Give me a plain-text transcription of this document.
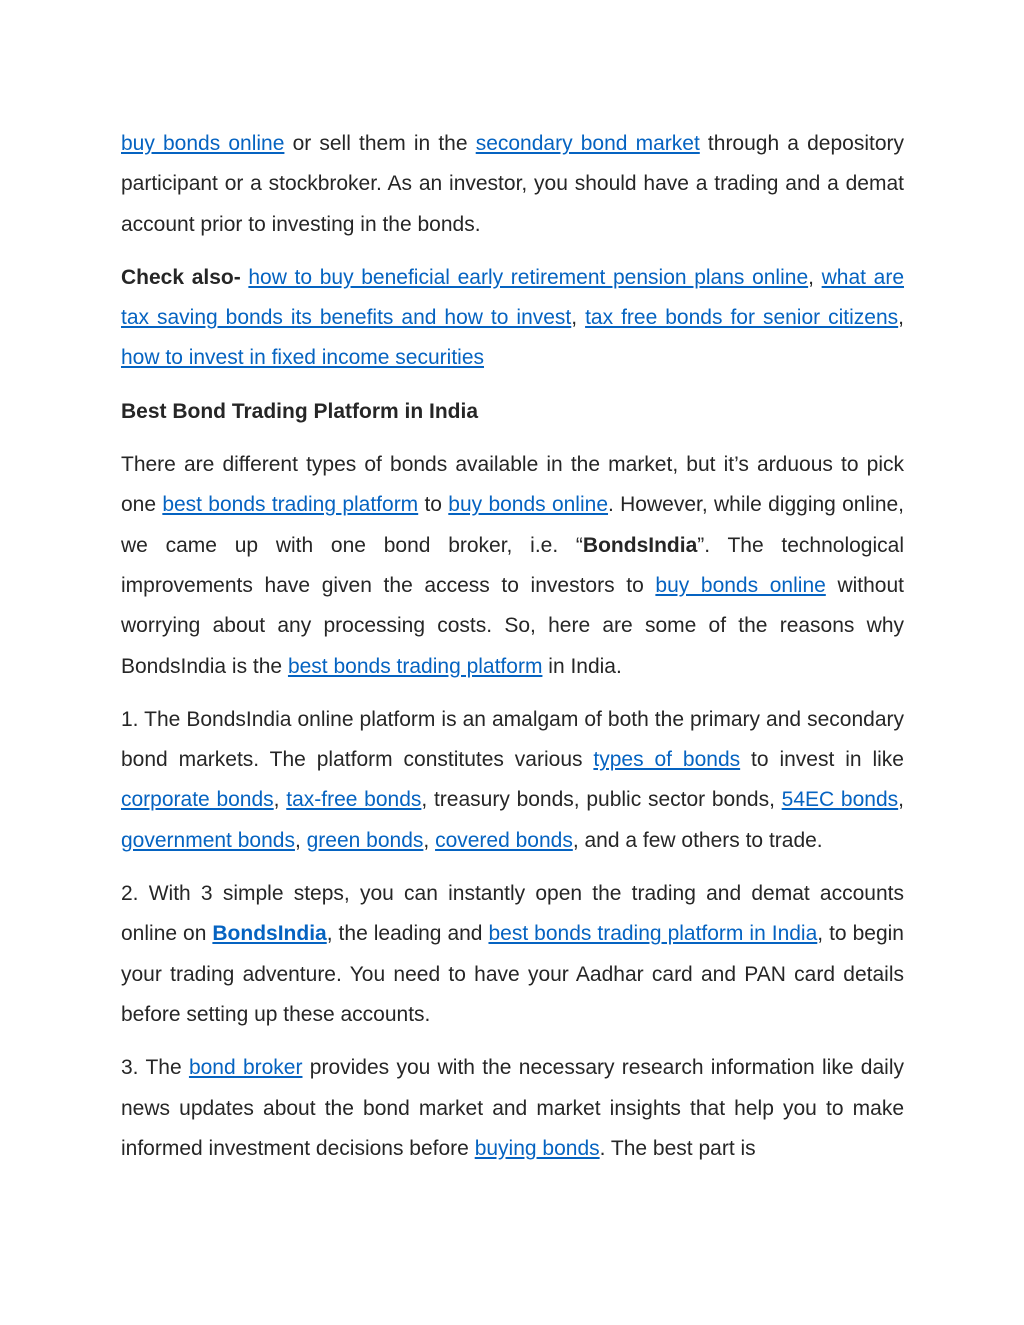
buy bonds online or sell them in the secondary bond market through a depository participant or a stockbroker. As an investor, you should have a trading and a demat account prior to investing in the bonds.

Check also- how to buy beneficial early retirement pension plans online, what are tax saving bonds its benefits and how to invest, tax free bonds for senior citizens, how to invest in fixed income securities

Best Bond Trading Platform in India

There are different types of bonds available in the market, but it’s arduous to pick one best bonds trading platform to buy bonds online. However, while digging online, we came up with one bond broker, i.e. “BondsIndia”. The technological improvements have given the access to investors to buy bonds online without worrying about any processing costs. So, here are some of the reasons why BondsIndia is the best bonds trading platform in India.

1. The BondsIndia online platform is an amalgam of both the primary and secondary bond markets. The platform constitutes various types of bonds to invest in like corporate bonds, tax-free bonds, treasury bonds, public sector bonds, 54EC bonds, government bonds, green bonds, covered bonds, and a few others to trade.

2. With 3 simple steps, you can instantly open the trading and demat accounts online on BondsIndia, the leading and best bonds trading platform in India, to begin your trading adventure. You need to have your Aadhar card and PAN card details before setting up these accounts.

3. The bond broker provides you with the necessary research information like daily news updates about the bond market and market insights that help you to make informed investment decisions before buying bonds. The best part is
